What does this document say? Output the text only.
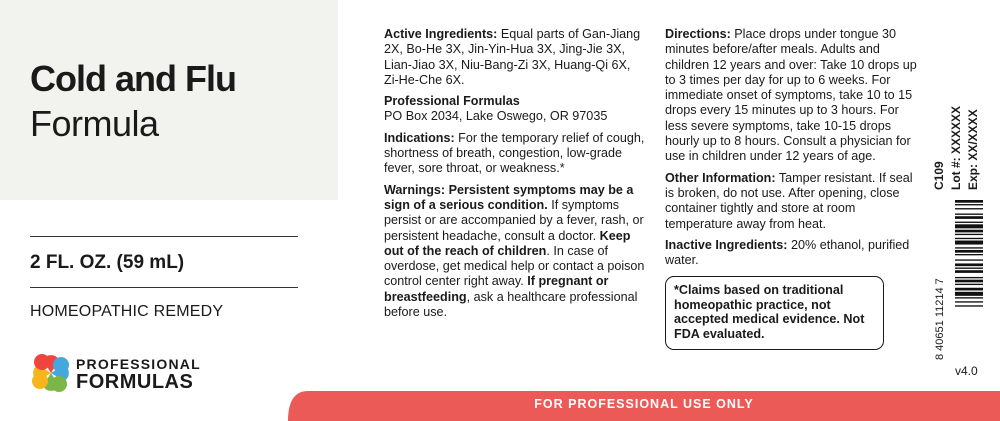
Cold and Flu
Formula
2 FL. OZ. (59 mL)
HOMEOPATHIC REMEDY
PROFESSIONAL
FORMULAS
Active Ingredients: Equal parts of Gan-Jiang 2X, Bo-He 3X, Jin-Yin-Hua 3X, Jing-Jie 3X, Lian-Jiao 3X, Niu-Bang-Zi 3X, Huang-Qi 6X, Zi-He-Che 6X.
Professional Formulas
PO Box 2034, Lake Oswego, OR 97035
Indications: For the temporary relief of cough, shortness of breath, congestion, low-grade fever, sore throat, or weakness.*
Warnings: Persistent symptoms may be a sign of a serious condition. If symptoms persist or are accompanied by a fever, rash, or persistent headache, consult a doctor. Keep out of the reach of children. In case of overdose, get medical help or contact a poison control center right away. If pregnant or breastfeeding, ask a healthcare professional before use.
Directions: Place drops under tongue 30 minutes before/after meals. Adults and children 12 years and over: Take 10 drops up to 3 times per day for up to 6 weeks. For immediate onset of symptoms, take 10 to 15 drops every 15 minutes up to 3 hours. For less severe symptoms, take 10-15 drops hourly up to 8 hours. Consult a physician for use in children under 12 years of age.
Other Information: Tamper resistant. If seal is broken, do not use. After opening, close container tightly and store at room temperature away from heat.
Inactive Ingredients: 20% ethanol, purified water.
*Claims based on traditional homeopathic practice, not accepted medical evidence. Not FDA evaluated.
C109 Lot #: XXXXXX Exp: XX/XXXX
8 40651 11214 7
v4.0
FOR PROFESSIONAL USE ONLY
